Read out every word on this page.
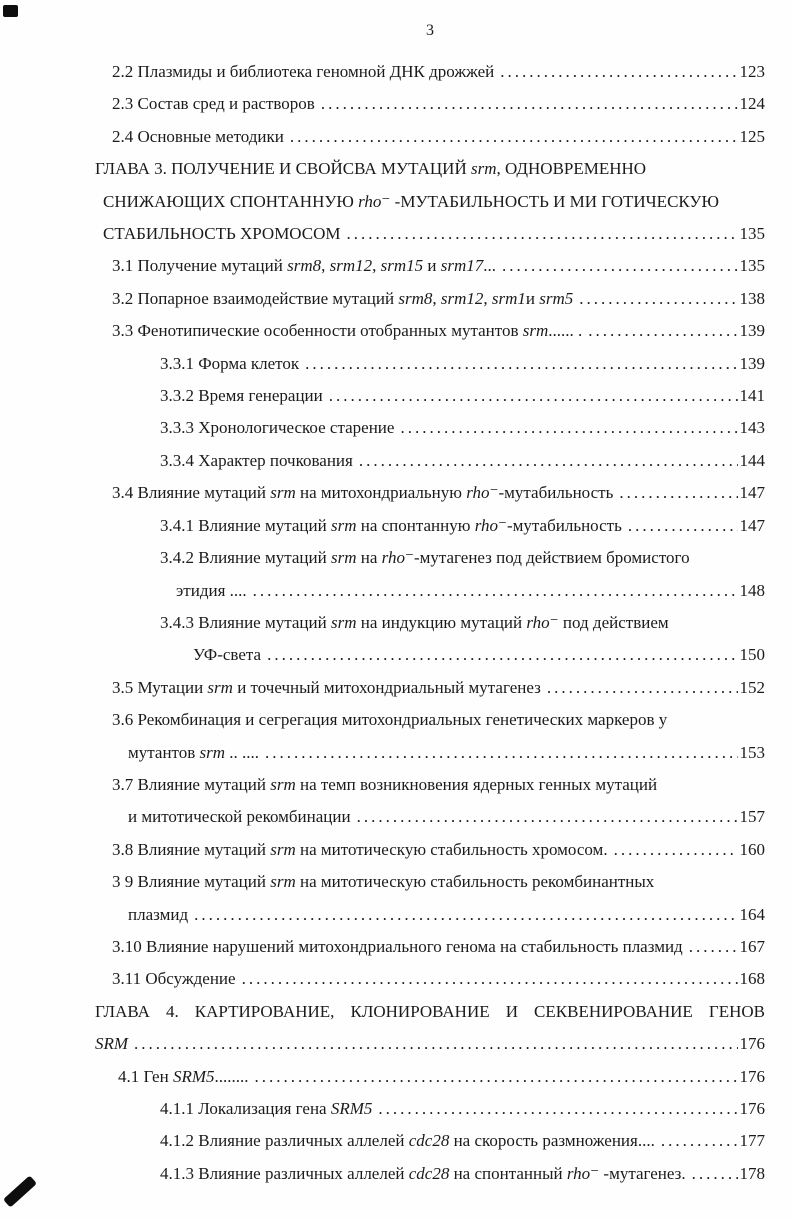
3
2.2 Плазмиды и библиотека геномной ДНК дрожжей .....	123
2.3 Состав сред и растворов .....	124
2.4 Основные методики .....	125
ГЛАВА 3. ПОЛУЧЕНИЕ И СВОЙСВА МУТАЦИЙ srm, ОДНОВРЕМЕННО
СНИЖАЮЩИХ СПОНТАННУЮ rho⁻ -МУТАБИЛЬНОСТЬ И МИ ГОТИЧЕСКУЮ
СТАБИЛЬНОСТЬ ХРОМОСОМ .....	135
3.1 Получение мутаций srm8, srm12, srm15 и srm17... .....	135
3.2 Попарное взаимодействие мутаций srm8, srm12, srm1и srm5 .....	138
3.3 Фенотипические особенности отобранных мутантов srm...... . .....	139
3.3.1 Форма клеток .....	139
3.3.2 Время генерации .....	141
3.3.3 Хронологическое старение .....	143
3.3.4 Характер почкования .....	144
3.4 Влияние мутаций srm на митохондриальную rho⁻-мутабильность .....	147
3.4.1 Влияние мутаций srm на спонтанную rho⁻-мутабильность .....	147
3.4.2 Влияние мутаций srm на rho⁻-мутагенез под действием бромистого
этидия .... .....	148
3.4.3 Влияние мутаций srm на индукцию мутаций rho⁻ под действием
УФ-света .....	150
3.5 Мутации srm и точечный митохондриальный мутагенез .....	152
3.6 Рекомбинация и сегрегация митохондриальных генетических маркеров у
мутантов srm .. .... .....	153
3.7 Влияние мутаций srm на темп возникновения ядерных генных мутаций
и митотической рекомбинации .....	157
3.8 Влияние мутаций srm на митотическую стабильность хромосом. .....	160
3 9 Влияние мутаций srm на митотическую стабильность рекомбинантных
плазмид .....	164
3.10 Влияние нарушений митохондриального генома на стабильность плазмид .....	167
3.11 Обсуждение .....	168
ГЛАВА 4. КАРТИРОВАНИЕ, КЛОНИРОВАНИЕ И СЕКВЕНИРОВАНИЕ ГЕНОВ
SRM .....	176
4.1 Ген SRM5........ .....	176
4.1.1 Локализация гена SRM5 .....	176
4.1.2 Влияние различных аллелей cdc28 на скорость размножения.... .....	177
4.1.3 Влияние различных аллелей cdc28 на спонтанный rho⁻ -мутагенез. .....	178
